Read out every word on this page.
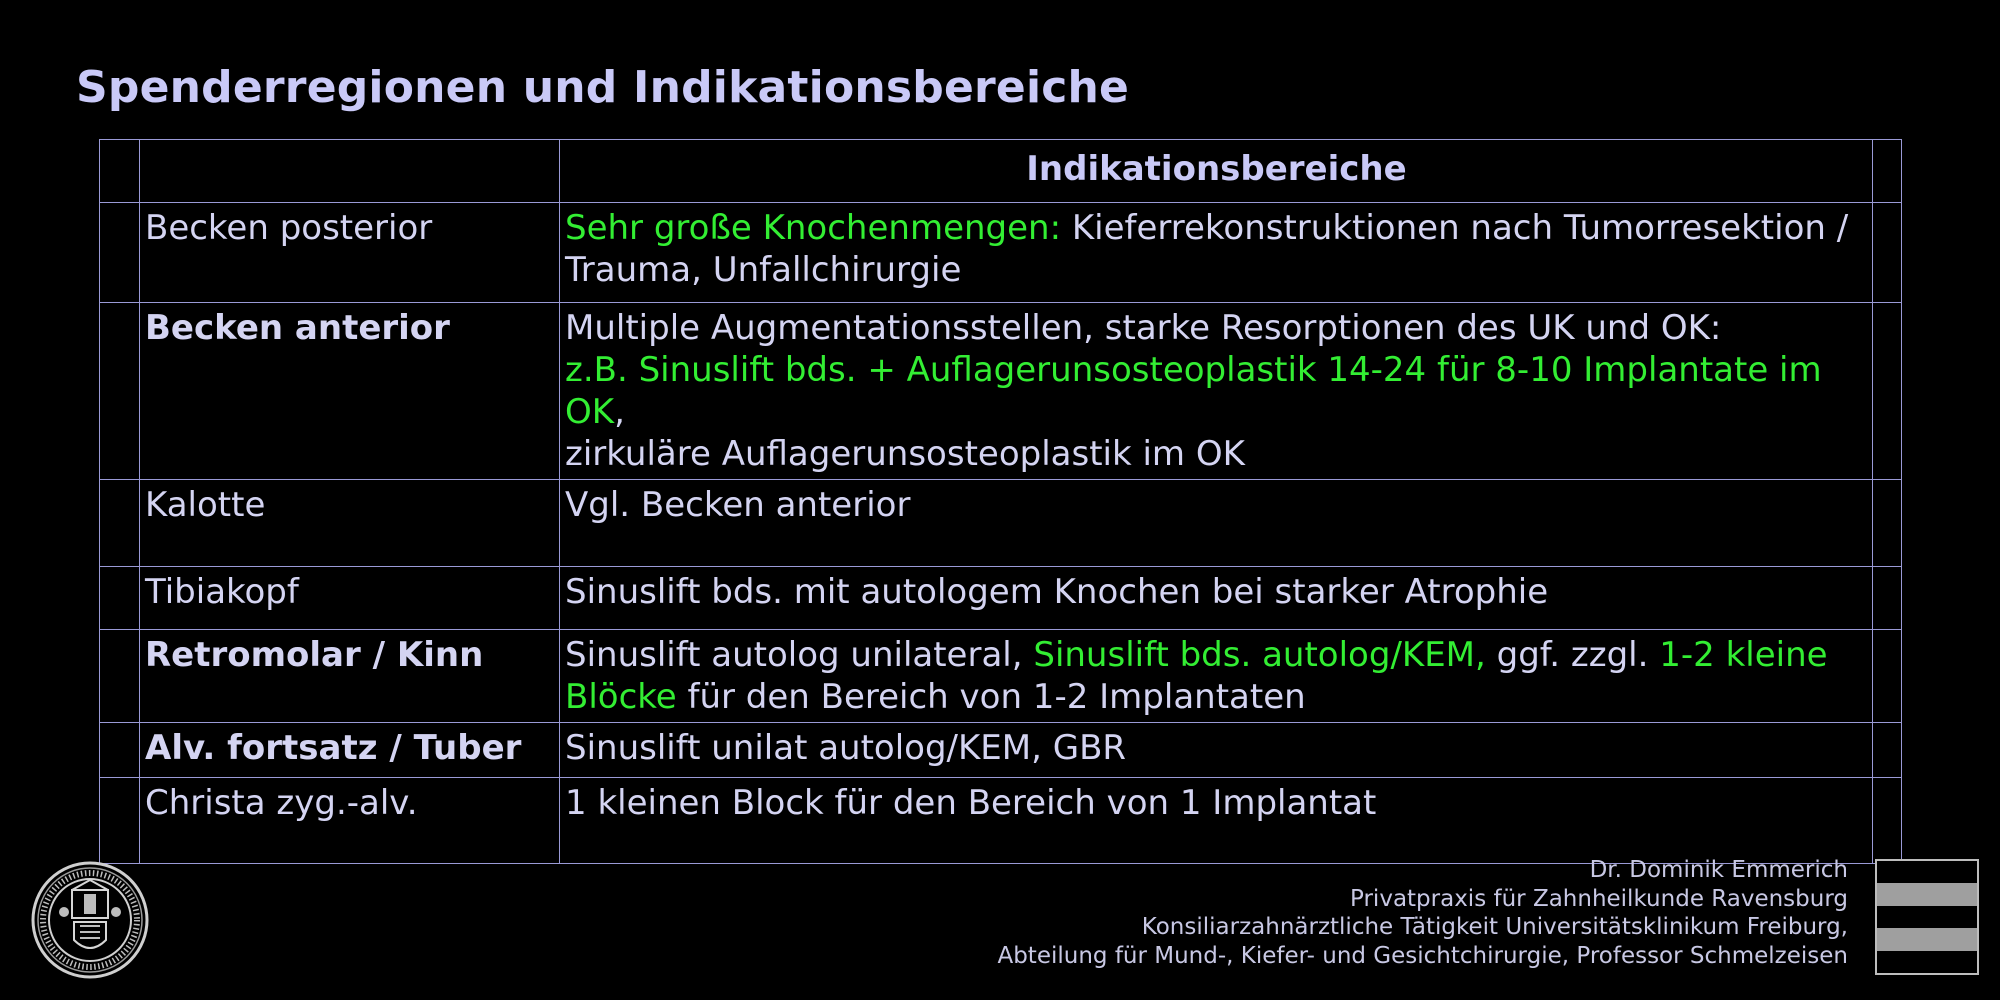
Spenderregionen und Indikationsbereiche
		Indikationsbereiche	
	Becken posterior	Sehr große Knochenmengen: Kieferrekonstruktionen nach Tumorresektion / Trauma, Unfallchirurgie	
	Becken anterior	Multiple Augmentationsstellen, starke Resorptionen des UK und OK:
z.B. Sinuslift bds. + Auflagerunsosteoplastik 14-24 für 8-10 Implantate im OK,
zirkuläre Auflagerunsosteoplastik im OK	
	Kalotte	Vgl. Becken anterior	
	Tibiakopf	Sinuslift bds. mit autologem Knochen bei starker Atrophie	
	Retromolar / Kinn	Sinuslift autolog unilateral, Sinuslift bds. autolog/KEM, ggf. zzgl. 1-2 kleine Blöcke für den Bereich von 1-2 Implantaten	
	Alv. fortsatz / Tuber	Sinuslift unilat autolog/KEM, GBR	
	Christa zyg.-alv.	1 kleinen Block für den Bereich von 1 Implantat	
Dr. Dominik Emmerich
Privatpraxis für Zahnheilkunde Ravensburg
Konsiliarzahnärztliche Tätigkeit Universitätsklinikum Freiburg,
Abteilung für Mund-, Kiefer- und Gesichtchirurgie, Professor Schmelzeisen
